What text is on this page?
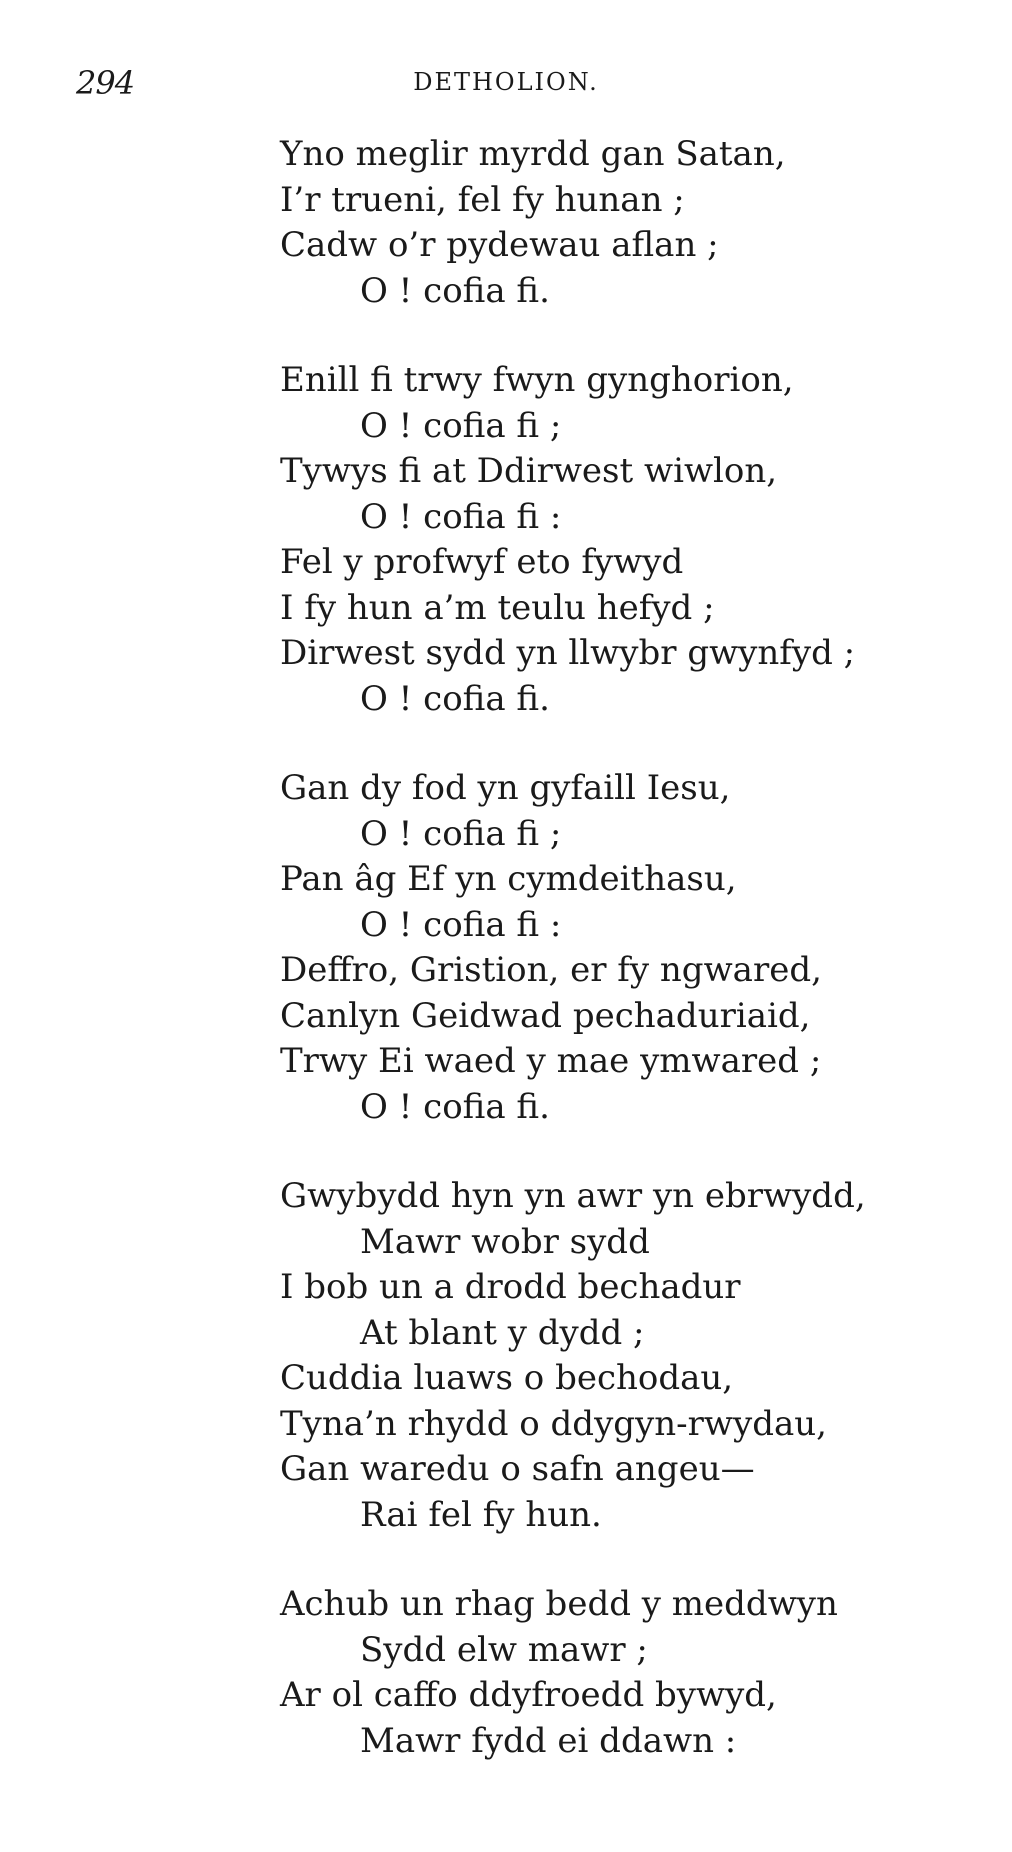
294	DETHOLION.
Yno meglir myrdd gan Satan,
I’r trueni, fel fy hunan ;
Cadw o’r pydewau aflan ;
O ! cofia fi.
Enill fi trwy fwyn gynghorion,
O ! cofia fi ;
Tywys fi at Ddirwest wiwlon,
O ! cofia fi :
Fel y profwyf eto fywyd
I fy hun a’m teulu hefyd ;
Dirwest sydd yn llwybr gwynfyd ;
O ! cofia fi.
Gan dy fod yn gyfaill Iesu,
O ! cofia fi ;
Pan âg Ef yn cymdeithasu,
O ! cofia fi :
Deffro, Gristion, er fy ngwared,
Canlyn Geidwad pechaduriaid,
Trwy Ei waed y mae ymwared ;
O ! cofia fi.
Gwybydd hyn yn awr yn ebrwydd,
Mawr wobr sydd
I bob un a drodd bechadur
At blant y dydd ;
Cuddia luaws o bechodau,
Tyna’n rhydd o ddygyn-rwydau,
Gan waredu o safn angeu—
Rai fel fy hun.
Achub un rhag bedd y meddwyn
Sydd elw mawr ;
Ar ol caffo ddyfroedd bywyd,
Mawr fydd ei ddawn :
